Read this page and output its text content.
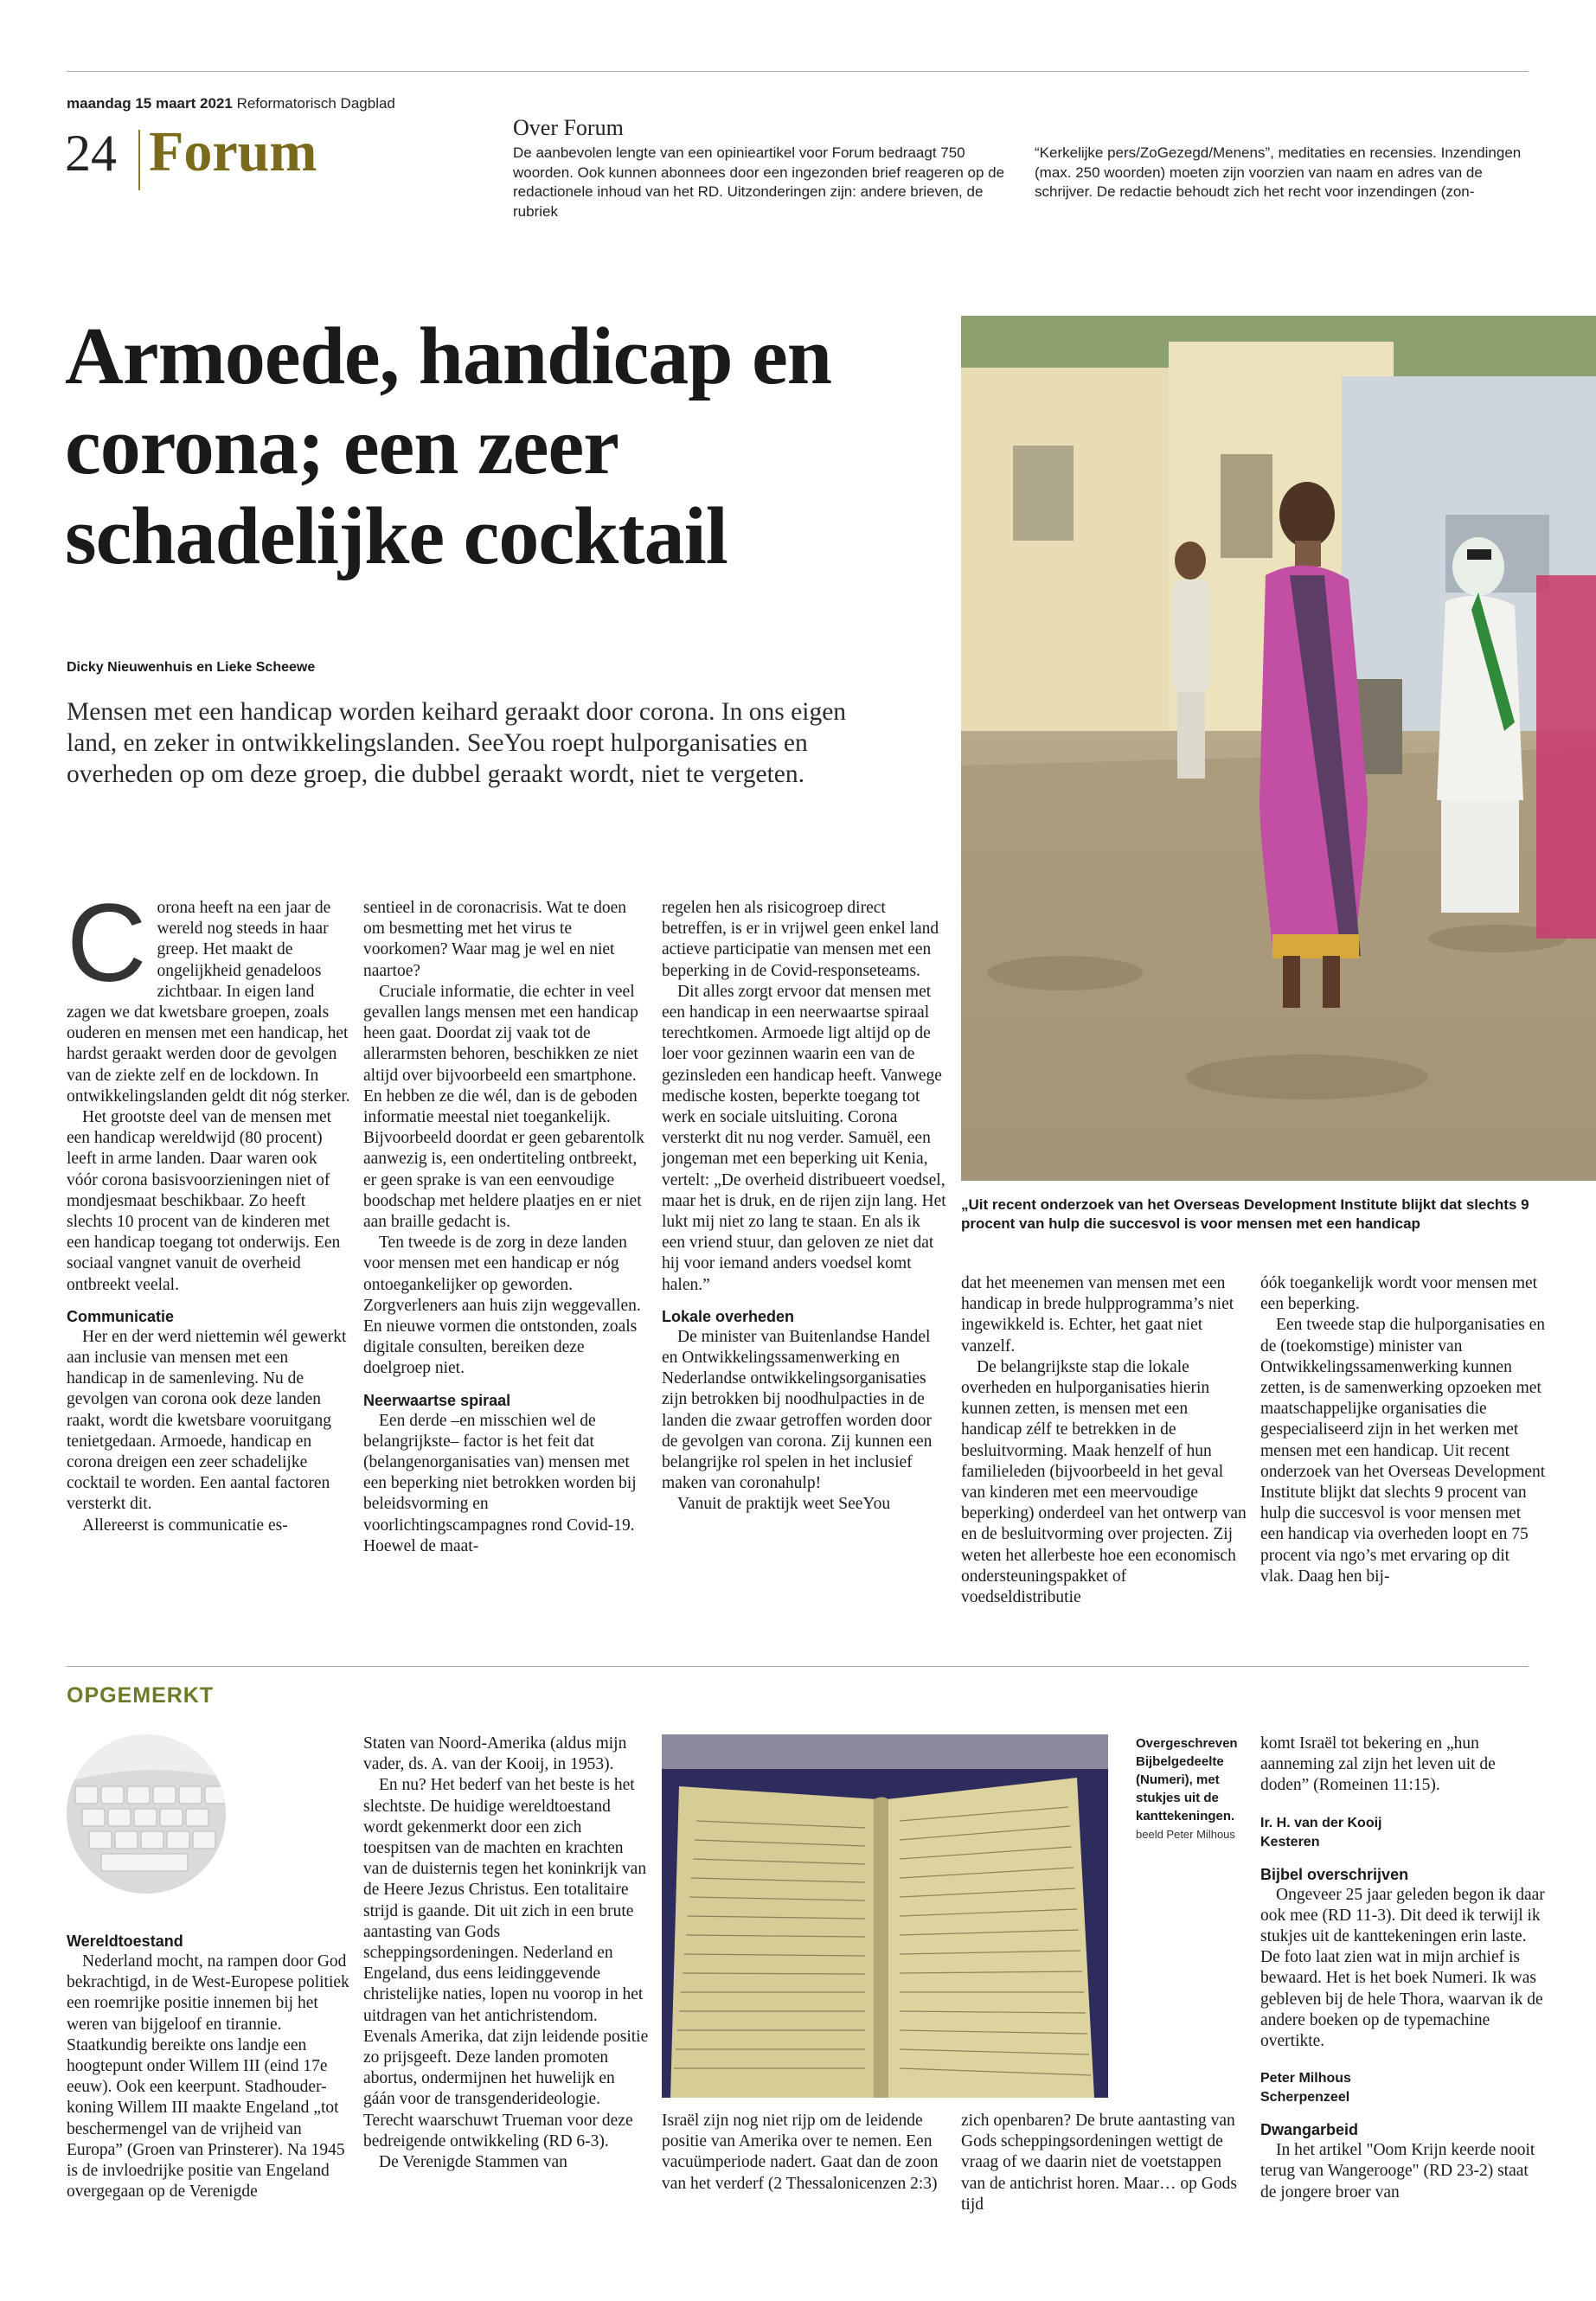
maandag 15 maart 2021 Reformatorisch Dagblad
24 Forum	Over Forum
De aanbevolen lengte van een opinieartikel voor Forum bedraagt 750 woorden. Ook kunnen abonnees door een ingezonden brief reageren op de redactionele inhoud van het RD. Uitzonderingen zijn: andere brieven, de rubriek
“Kerkelijke pers/ZoGezegd/Menens”, meditaties en recensies. Inzendingen (max. 250 woorden) moeten zijn voorzien van naam en adres van de schrijver. De redactie behoudt zich het recht voor inzendingen (zon-
Armoede, handicap en corona; een zeer schadelijke cocktail
Dicky Nieuwenhuis en Lieke Scheewe
Mensen met een handicap worden keihard geraakt door corona. In ons eigen land, en zeker in ontwikkelingslanden. SeeYou roept hulporganisaties en overheden op om deze groep, die dubbel geraakt wordt, niet te vergeten.
„Uit recent onderzoek van het Overseas Development Institute blijkt dat slechts 9 procent van hulp die succesvol is voor mensen met een handicap
C orona heeft na een jaar de wereld nog steeds in haar greep. Het maakt de ongelijkheid genadeloos zichtbaar. In eigen land zagen we dat kwetsbare groepen, zoals ouderen en mensen met een handicap, het hardst geraakt werden door de gevolgen van de ziekte zelf en de lockdown. In ontwikkelingslanden geldt dit nóg sterker.

Het grootste deel van de mensen met een handicap wereldwijd (80 procent) leeft in arme landen. Daar waren ook vóór corona basisvoorzieningen niet of mondjesmaat beschikbaar. Zo heeft slechts 10 procent van de kinderen met een handicap toegang tot onderwijs. Een sociaal vangnet vanuit de overheid ontbreekt veelal.

Communicatie

Her en der werd niettemin wél gewerkt aan inclusie van mensen met een handicap in de samenleving. Nu de gevolgen van corona ook deze landen raakt, wordt die kwetsbare vooruitgang tenietgedaan. Armoede, handicap en corona dreigen een zeer schadelijke cocktail te worden. Een aantal factoren versterkt dit.

Allereerst is communicatie es-

sentieel in de coronacrisis. Wat te doen om besmetting met het virus te voorkomen? Waar mag je wel en niet naartoe?

Cruciale informatie, die echter in veel gevallen langs mensen met een handicap heen gaat. Doordat zij vaak tot de allerarmsten behoren, beschikken ze niet altijd over bijvoorbeeld een smartphone. En hebben ze die wél, dan is de geboden informatie meestal niet toegankelijk. Bijvoorbeeld doordat er geen gebarentolk aanwezig is, een ondertiteling ontbreekt, er geen sprake is van een eenvoudige boodschap met heldere plaatjes en er niet aan braille gedacht is.

Ten tweede is de zorg in deze landen voor mensen met een handicap er nóg ontoegankelijker op geworden. Zorgverleners aan huis zijn weggevallen. En nieuwe vormen die ontstonden, zoals digitale consulten, bereiken deze doelgroep niet.

Neerwaartse spiraal

Een derde –en misschien wel de belangrijkste– factor is het feit dat (belangenorganisaties van) mensen met een beperking niet betrokken worden bij beleidsvorming en voorlichtingscampagnes rond Covid-19. Hoewel de maat-

regelen hen als risicogroep direct betreffen, is er in vrijwel geen enkel land actieve participatie van mensen met een beperking in de Covid-responseteams.

Dit alles zorgt ervoor dat mensen met een handicap in een neerwaartse spiraal terechtkomen. Armoede ligt altijd op de loer voor gezinnen waarin een van de gezinsleden een handicap heeft. Vanwege medische kosten, beperkte toegang tot werk en sociale uitsluiting. Corona versterkt dit nu nog verder. Samuël, een jongeman met een beperking uit Kenia, vertelt: „De overheid distribueert voedsel, maar het is druk, en de rijen zijn lang. Het lukt mij niet zo lang te staan. En als ik een vriend stuur, dan geloven ze niet dat hij voor iemand anders voedsel komt halen.”

Lokale overheden

De minister van Buitenlandse Handel en Ontwikkelingssamenwerking en Nederlandse ontwikkelingsorganisaties zijn betrokken bij noodhulpacties in de landen die zwaar getroffen worden door de gevolgen van corona. Zij kunnen een belangrijke rol spelen in het inclusief maken van coronahulp!

Vanuit de praktijk weet SeeYou

dat het meenemen van mensen met een handicap in brede hulpprogramma’s niet ingewikkeld is. Echter, het gaat niet vanzelf.

De belangrijkste stap die lokale overheden en hulporganisaties hierin kunnen zetten, is mensen met een handicap zélf te betrekken in de besluitvorming. Maak henzelf of hun familieleden (bijvoorbeeld in het geval van kinderen met een meervoudige beperking) onderdeel van het ontwerp van en de besluitvorming over projecten. Zij weten het allerbeste hoe een economisch ondersteuningspakket of voedseldistributie

óók toegankelijk wordt voor mensen met een beperking.

Een tweede stap die hulporganisaties en de (toekomstige) minister van Ontwikkelingssamenwerking kunnen zetten, is de samenwerking opzoeken met maatschappelijke organisaties die gespecialiseerd zijn in het werken met mensen met een handicap. Uit recent onderzoek van het Overseas Development Institute blijkt dat slechts 9 procent van hulp die succesvol is voor mensen met een handicap via overheden loopt en 75 procent via ngo’s met ervaring op dit vlak. Daag hen bij-

OPGEMERKT
Wereldtoestand

Nederland mocht, na rampen door God bekrachtigd, in de West-Europese politiek een roemrijke positie innemen bij het weren van bijgeloof en tirannie. Staatkundig bereikte ons landje een hoogtepunt onder Willem III (eind 17e eeuw). Ook een keerpunt. Stadhouder-koning Willem III maakte Engeland „tot beschermengel van de vrijheid van Europa” (Groen van Prinsterer). Na 1945 is de invloedrijke positie van Engeland overgegaan op de Verenigde

Staten van Noord-Amerika (aldus mijn vader, ds. A. van der Kooij, in 1953).

En nu? Het bederf van het beste is het slechtste. De huidige wereldtoestand wordt gekenmerkt door een zich toespitsen van de machten en krachten van de duisternis tegen het koninkrijk van de Heere Jezus Christus. Een totalitaire strijd is gaande. Dit uit zich in een brute aantasting van Gods scheppingsordeningen. Nederland en Engeland, dus eens leidinggevende christelijke naties, lopen nu voorop in het uitdragen van het antichristendom. Evenals Amerika, dat zijn leidende positie zo prijsgeeft. Deze landen promoten abortus, ondermijnen het huwelijk en gáán voor de transgenderideologie. Terecht waarschuwt Trueman voor deze bedreigende ontwikkeling (RD 6-3).

De Verenigde Stammen van

Israël zijn nog niet rijp om de leidende positie van Amerika over te nemen. Een vacuümperiode nadert. Gaat dan de zoon van het verderf (2 Thessalonicenzen 2:3)

zich openbaren? De brute aantasting van Gods scheppingsordeningen wettigt de vraag of we daarin niet de voetstappen van de antichrist horen. Maar… op Gods tijd

Overgeschreven Bijbelgedeelte (Numeri), met stukjes uit de kanttekeningen.
beeld Peter Milhous

komt Israël tot bekering en „hun aanneming zal zijn het leven uit de doden” (Romeinen 11:15).

Ir. H. van der Kooij
Kesteren
Bijbel overschrijven

Ongeveer 25 jaar geleden begon ik daar ook mee (RD 11-3). Dit deed ik terwijl ik stukjes uit de kanttekeningen erin laste. De foto laat zien wat in mijn archief is bewaard. Het is het boek Numeri. Ik was gebleven bij de hele Thora, waarvan ik de andere boeken op de typemachine overtikte.

Peter Milhous
Scherpenzeel
Dwangarbeid

In het artikel "Oom Krijn keerde nooit terug van Wangerooge" (RD 23-2) staat de jongere broer van
